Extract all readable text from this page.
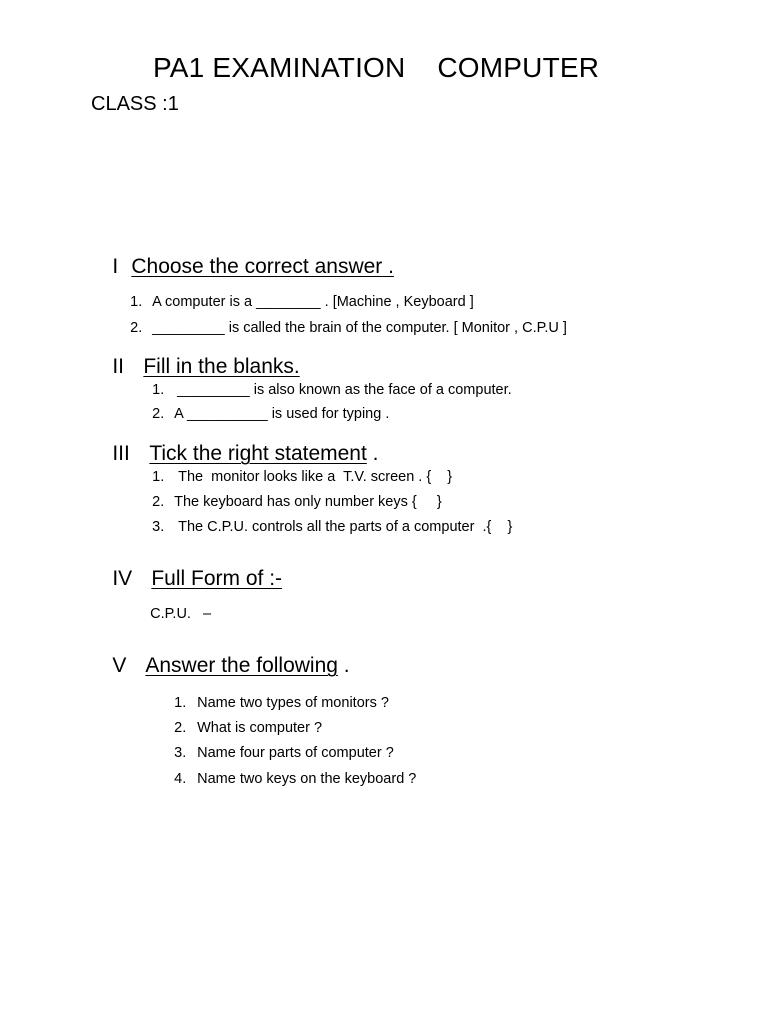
PA1 EXAMINATION    COMPUTER
CLASS :1

I Choose the correct answer .

1. A computer is a ________ . [Machine , Keyboard ]

2. _________ is called the brain of the computer. [ Monitor , C.P.U ]

II Fill in the blanks.

1. _________ is also known as the face of a computer.

2. A __________ is used for typing .

III Tick the right statement .

1. The  monitor looks like a  T.V. screen . {    }

2. The keyboard has only number keys {     }

3. The C.P.U. controls all the parts of a computer  .{    }

IV Full Form of :-

C.P.U.   –

V Answer the following .

1. Name two types of monitors ?

2. What is computer ?

3. Name four parts of computer ?

4. Name two keys on the keyboard ?
